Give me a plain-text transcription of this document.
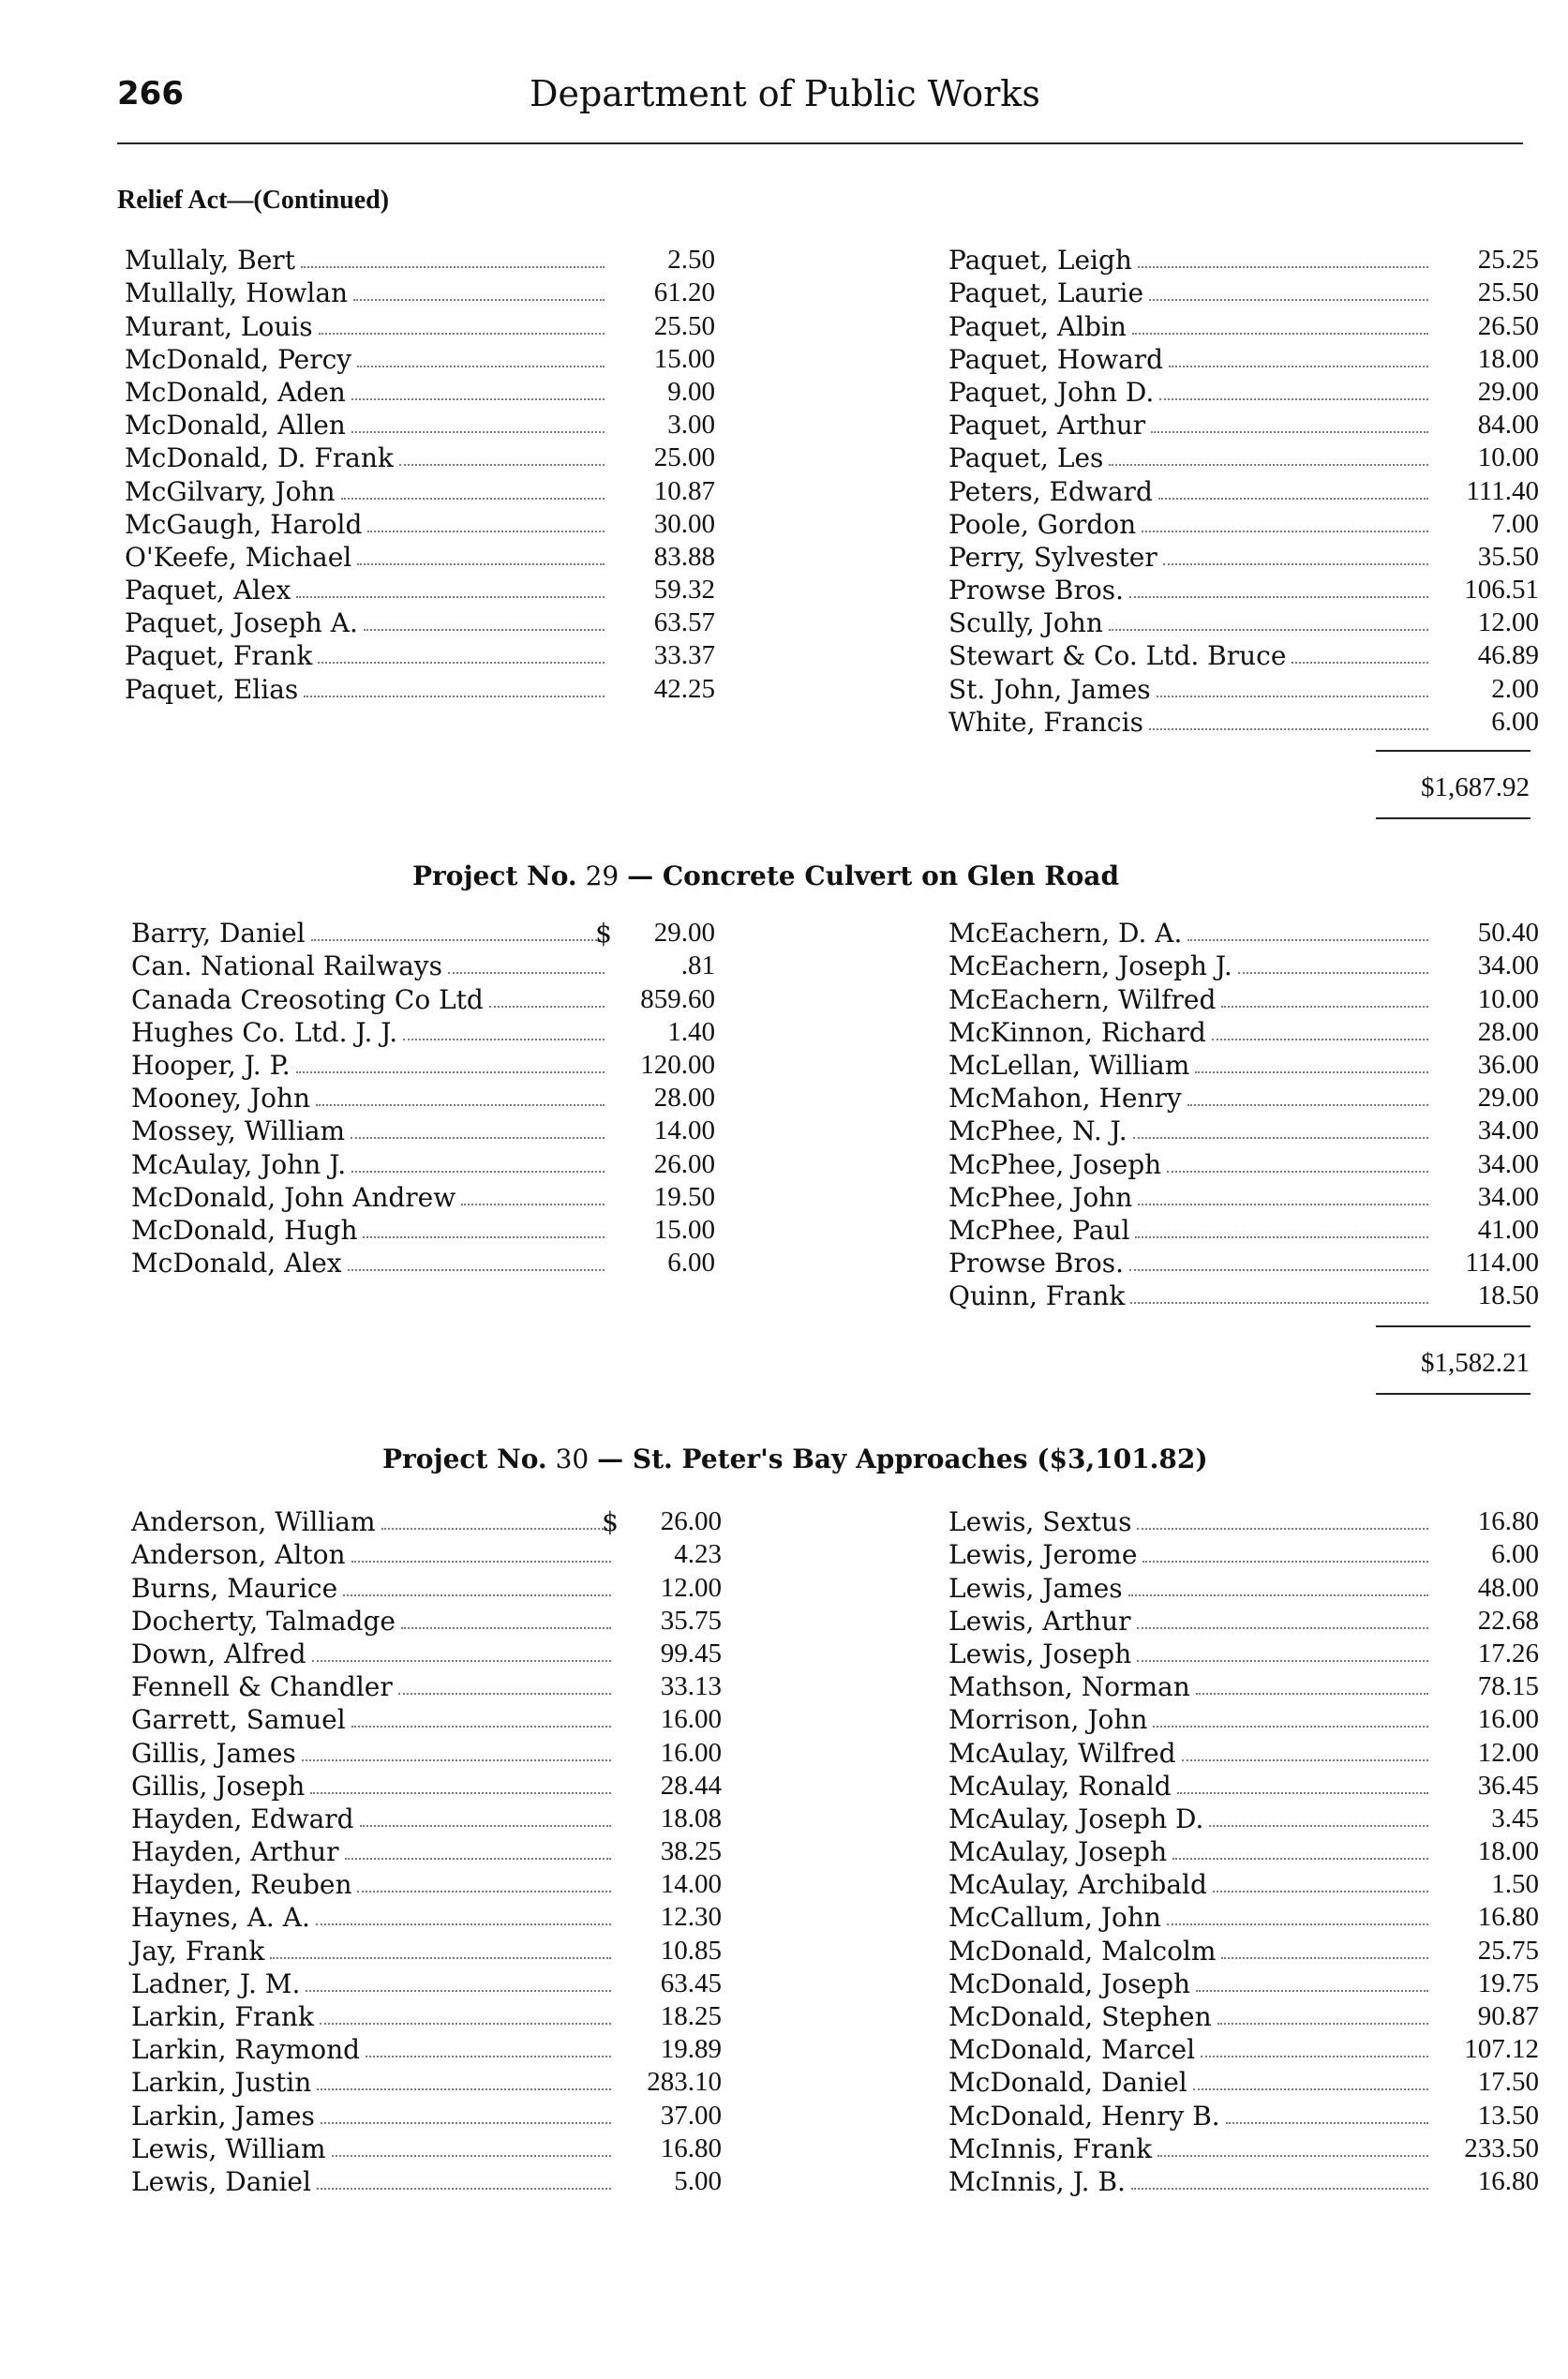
266	Department of Public Works
Relief Act—(Continued)
Mullaly, Bert	2.50
Mullally, Howlan	61.20
Murant, Louis	25.50
McDonald, Percy	15.00
McDonald, Aden	9.00
McDonald, Allen	3.00
McDonald, D. Frank	25.00
McGilvary, John	10.87
McGaugh, Harold	30.00
O'Keefe, Michael	83.88
Paquet, Alex	59.32
Paquet, Joseph A.	63.57
Paquet, Frank	33.37
Paquet, Elias	42.25
Paquet, Leigh	25.25
Paquet, Laurie	25.50
Paquet, Albin	26.50
Paquet, Howard	18.00
Paquet, John D.	29.00
Paquet, Arthur	84.00
Paquet, Les	10.00
Peters, Edward	111.40
Poole, Gordon	7.00
Perry, Sylvester	35.50
Prowse Bros.	106.51
Scully, John	12.00
Stewart & Co. Ltd. Bruce	46.89
St. John, James	2.00
White, Francis	6.00
$1,687.92
Project No. 29 — Concrete Culvert on Glen Road
Barry, Daniel	$	29.00
Can. National Railways	.81
Canada Creosoting Co Ltd	859.60
Hughes Co. Ltd. J. J.	1.40
Hooper, J. P.	120.00
Mooney, John	28.00
Mossey, William	14.00
McAulay, John J.	26.00
McDonald, John Andrew	19.50
McDonald, Hugh	15.00
McDonald, Alex	6.00
McEachern, D. A.	50.40
McEachern, Joseph J.	34.00
McEachern, Wilfred	10.00
McKinnon, Richard	28.00
McLellan, William	36.00
McMahon, Henry	29.00
McPhee, N. J.	34.00
McPhee, Joseph	34.00
McPhee, John	34.00
McPhee, Paul	41.00
Prowse Bros.	114.00
Quinn, Frank	18.50
$1,582.21
Project No. 30 — St. Peter's Bay Approaches ($3,101.82)
Anderson, William	$	26.00
Anderson, Alton	4.23
Burns, Maurice	12.00
Docherty, Talmadge	35.75
Down, Alfred	99.45
Fennell & Chandler	33.13
Garrett, Samuel	16.00
Gillis, James	16.00
Gillis, Joseph	28.44
Hayden, Edward	18.08
Hayden, Arthur	38.25
Hayden, Reuben	14.00
Haynes, A. A.	12.30
Jay, Frank	10.85
Ladner, J. M.	63.45
Larkin, Frank	18.25
Larkin, Raymond	19.89
Larkin, Justin	283.10
Larkin, James	37.00
Lewis, William	16.80
Lewis, Daniel	5.00
Lewis, Sextus	16.80
Lewis, Jerome	6.00
Lewis, James	48.00
Lewis, Arthur	22.68
Lewis, Joseph	17.26
Mathson, Norman	78.15
Morrison, John	16.00
McAulay, Wilfred	12.00
McAulay, Ronald	36.45
McAulay, Joseph D.	3.45
McAulay, Joseph	18.00
McAulay, Archibald	1.50
McCallum, John	16.80
McDonald, Malcolm	25.75
McDonald, Joseph	19.75
McDonald, Stephen	90.87
McDonald, Marcel	107.12
McDonald, Daniel	17.50
McDonald, Henry B.	13.50
McInnis, Frank	233.50
McInnis, J. B.	16.80
